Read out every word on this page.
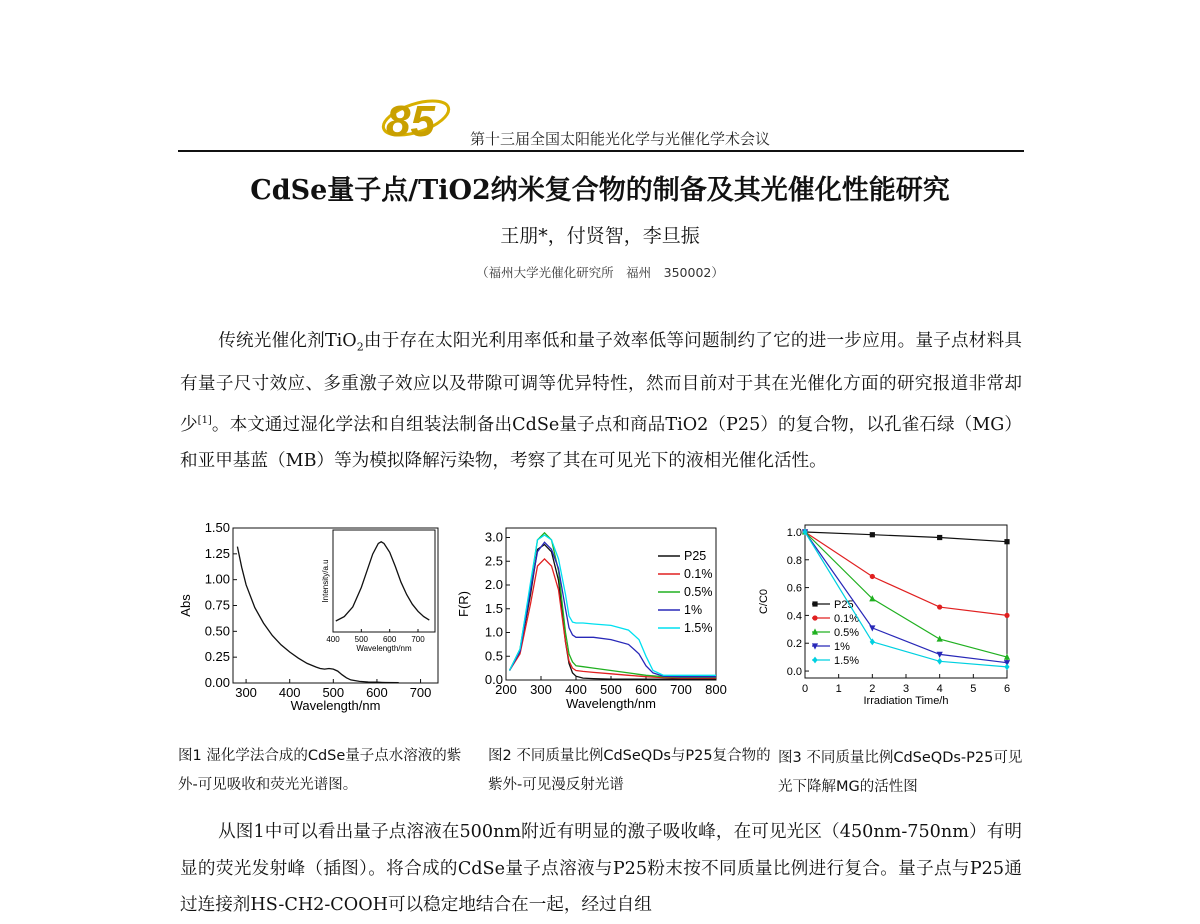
85 第十三届全国太阳能光化学与光催化学术会议
CdSe量子点/TiO2纳米复合物的制备及其光催化性能研究
王朋*，付贤智，李旦振
（福州大学光催化研究所　福州　350002）

传统光催化剂TiO$_2$由于存在太阳光利用率低和量子效率低等问题制约了它的进一步应用。量子点材料具有量子尺寸效应、多重激子效应以及带隙可调等优异特性，然而目前对于其在光催化方面的研究报道非常却少[1]。本文通过湿化学法和自组装法制备出CdSe量子点和商品TiO2（P25）的复合物，以孔雀石绿（MG）和亚甲基蓝（MB）等为模拟降解污染物，考察了其在可见光下的液相光催化活性。

300 400 500 600 700
0.00
0.25
0.50
0.75
1.00
1.25
1.50
Wavelength/nm
Abs
400 500 600 700
Wavelength/nm
Intensity/a.u
200 300 400 500 600 700 800
0.0
0.5
1.0
1.5
2.0
2.5
3.0
Wavelength/nm
F(R)
P25
0.1%
0.5%
1%
1.5%
0	1	2	3	4	5	6
0.0
0.2
0.4
0.6
0.8
1.0
Irradiation Time/h
C/C0	P25
0.1%
0.5%
1%
1.5%
图1 湿化学法合成的CdSe量子点水溶液的紫外-可见吸收和荧光光谱图。
图2 不同质量比例CdSeQDs与P25复合物的紫外-可见漫反射光谱
图3 不同质量比例CdSeQDs-P25可见光下降解MG的活性图

从图1中可以看出量子点溶液在500nm附近有明显的激子吸收峰，在可见光区（450nm-750nm）有明显的荧光发射峰（插图）。将合成的CdSe量子点溶液与P25粉末按不同质量比例进行复合。量子点与P25通过连接剂HS-CH2-COOH可以稳定地结合在一起，经过自组
